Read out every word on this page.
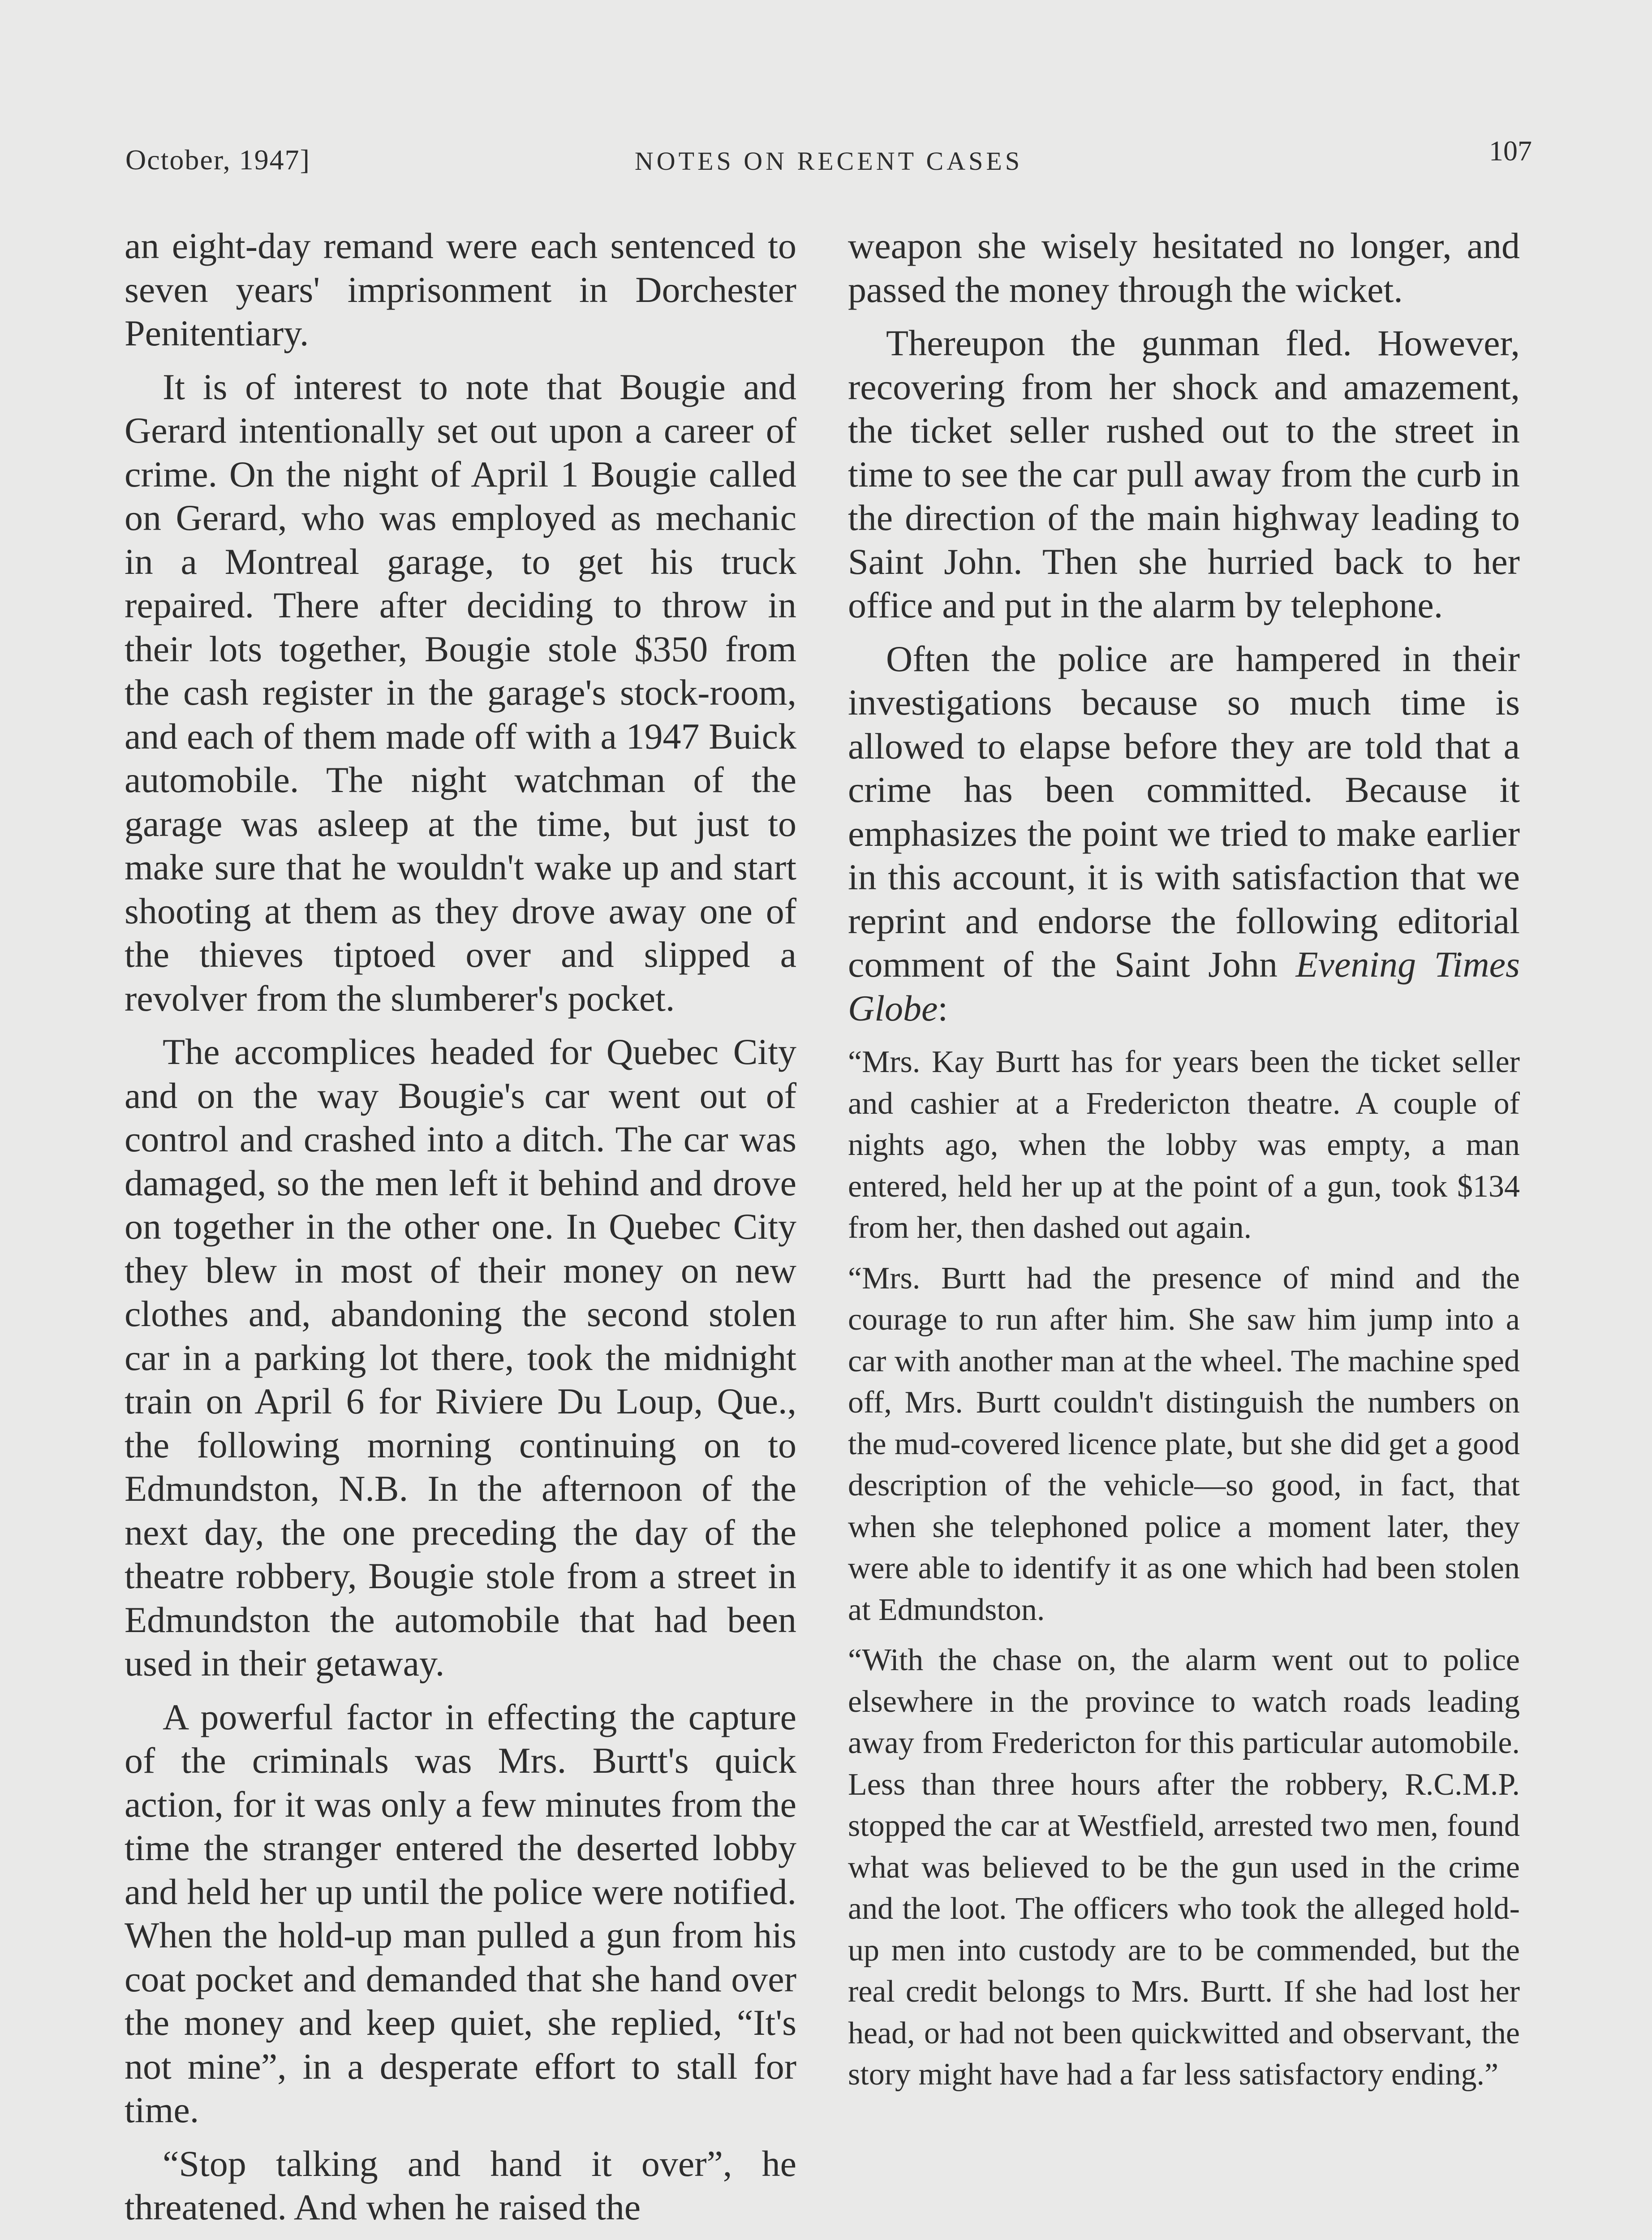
October, 1947]	NOTES ON RECENT CASES	107

an eight-day remand were each sentenced to seven years' imprisonment in Dorchester Penitentiary.

It is of interest to note that Bougie and Gerard intentionally set out upon a career of crime. On the night of April 1 Bougie called on Gerard, who was employed as mechanic in a Montreal garage, to get his truck repaired. There after deciding to throw in their lots together, Bougie stole $350 from the cash register in the garage's stock-room, and each of them made off with a 1947 Buick automobile. The night watchman of the garage was asleep at the time, but just to make sure that he wouldn't wake up and start shooting at them as they drove away one of the thieves tiptoed over and slipped a revolver from the slumberer's pocket.

The accomplices headed for Quebec City and on the way Bougie's car went out of control and crashed into a ditch. The car was damaged, so the men left it behind and drove on together in the other one. In Quebec City they blew in most of their money on new clothes and, abandoning the second stolen car in a parking lot there, took the midnight train on April 6 for Riviere Du Loup, Que., the following morning continuing on to Edmundston, N.B. In the afternoon of the next day, the one preceding the day of the theatre robbery, Bougie stole from a street in Edmundston the automobile that had been used in their getaway.

A powerful factor in effecting the capture of the criminals was Mrs. Burtt's quick action, for it was only a few minutes from the time the stranger entered the deserted lobby and held her up until the police were notified. When the hold-up man pulled a gun from his coat pocket and demanded that she hand over the money and keep quiet, she replied, “It's not mine”, in a desperate effort to stall for time.

“Stop talking and hand it over”, he threatened. And when he raised the

weapon she wisely hesitated no longer, and passed the money through the wicket.

Thereupon the gunman fled. However, recovering from her shock and amazement, the ticket seller rushed out to the street in time to see the car pull away from the curb in the direction of the main highway leading to Saint John. Then she hurried back to her office and put in the alarm by telephone.

Often the police are hampered in their investigations because so much time is allowed to elapse before they are told that a crime has been committed. Because it emphasizes the point we tried to make earlier in this account, it is with satisfaction that we reprint and endorse the following editorial comment of the Saint John Evening Times Globe:

“Mrs. Kay Burtt has for years been the ticket seller and cashier at a Fredericton theatre. A couple of nights ago, when the lobby was empty, a man entered, held her up at the point of a gun, took $134 from her, then dashed out again.

“Mrs. Burtt had the presence of mind and the courage to run after him. She saw him jump into a car with another man at the wheel. The machine sped off, Mrs. Burtt couldn't distinguish the numbers on the mud-covered licence plate, but she did get a good description of the vehicle—so good, in fact, that when she telephoned police a moment later, they were able to identify it as one which had been stolen at Edmundston.

“With the chase on, the alarm went out to police elsewhere in the province to watch roads leading away from Fredericton for this particular automobile. Less than three hours after the robbery, R.C.M.P. stopped the car at Westfield, arrested two men, found what was believed to be the gun used in the crime and the loot. The officers who took the alleged hold-up men into custody are to be commended, but the real credit belongs to Mrs. Burtt. If she had lost her head, or had not been quickwitted and observant, the story might have had a far less satisfactory ending.”
